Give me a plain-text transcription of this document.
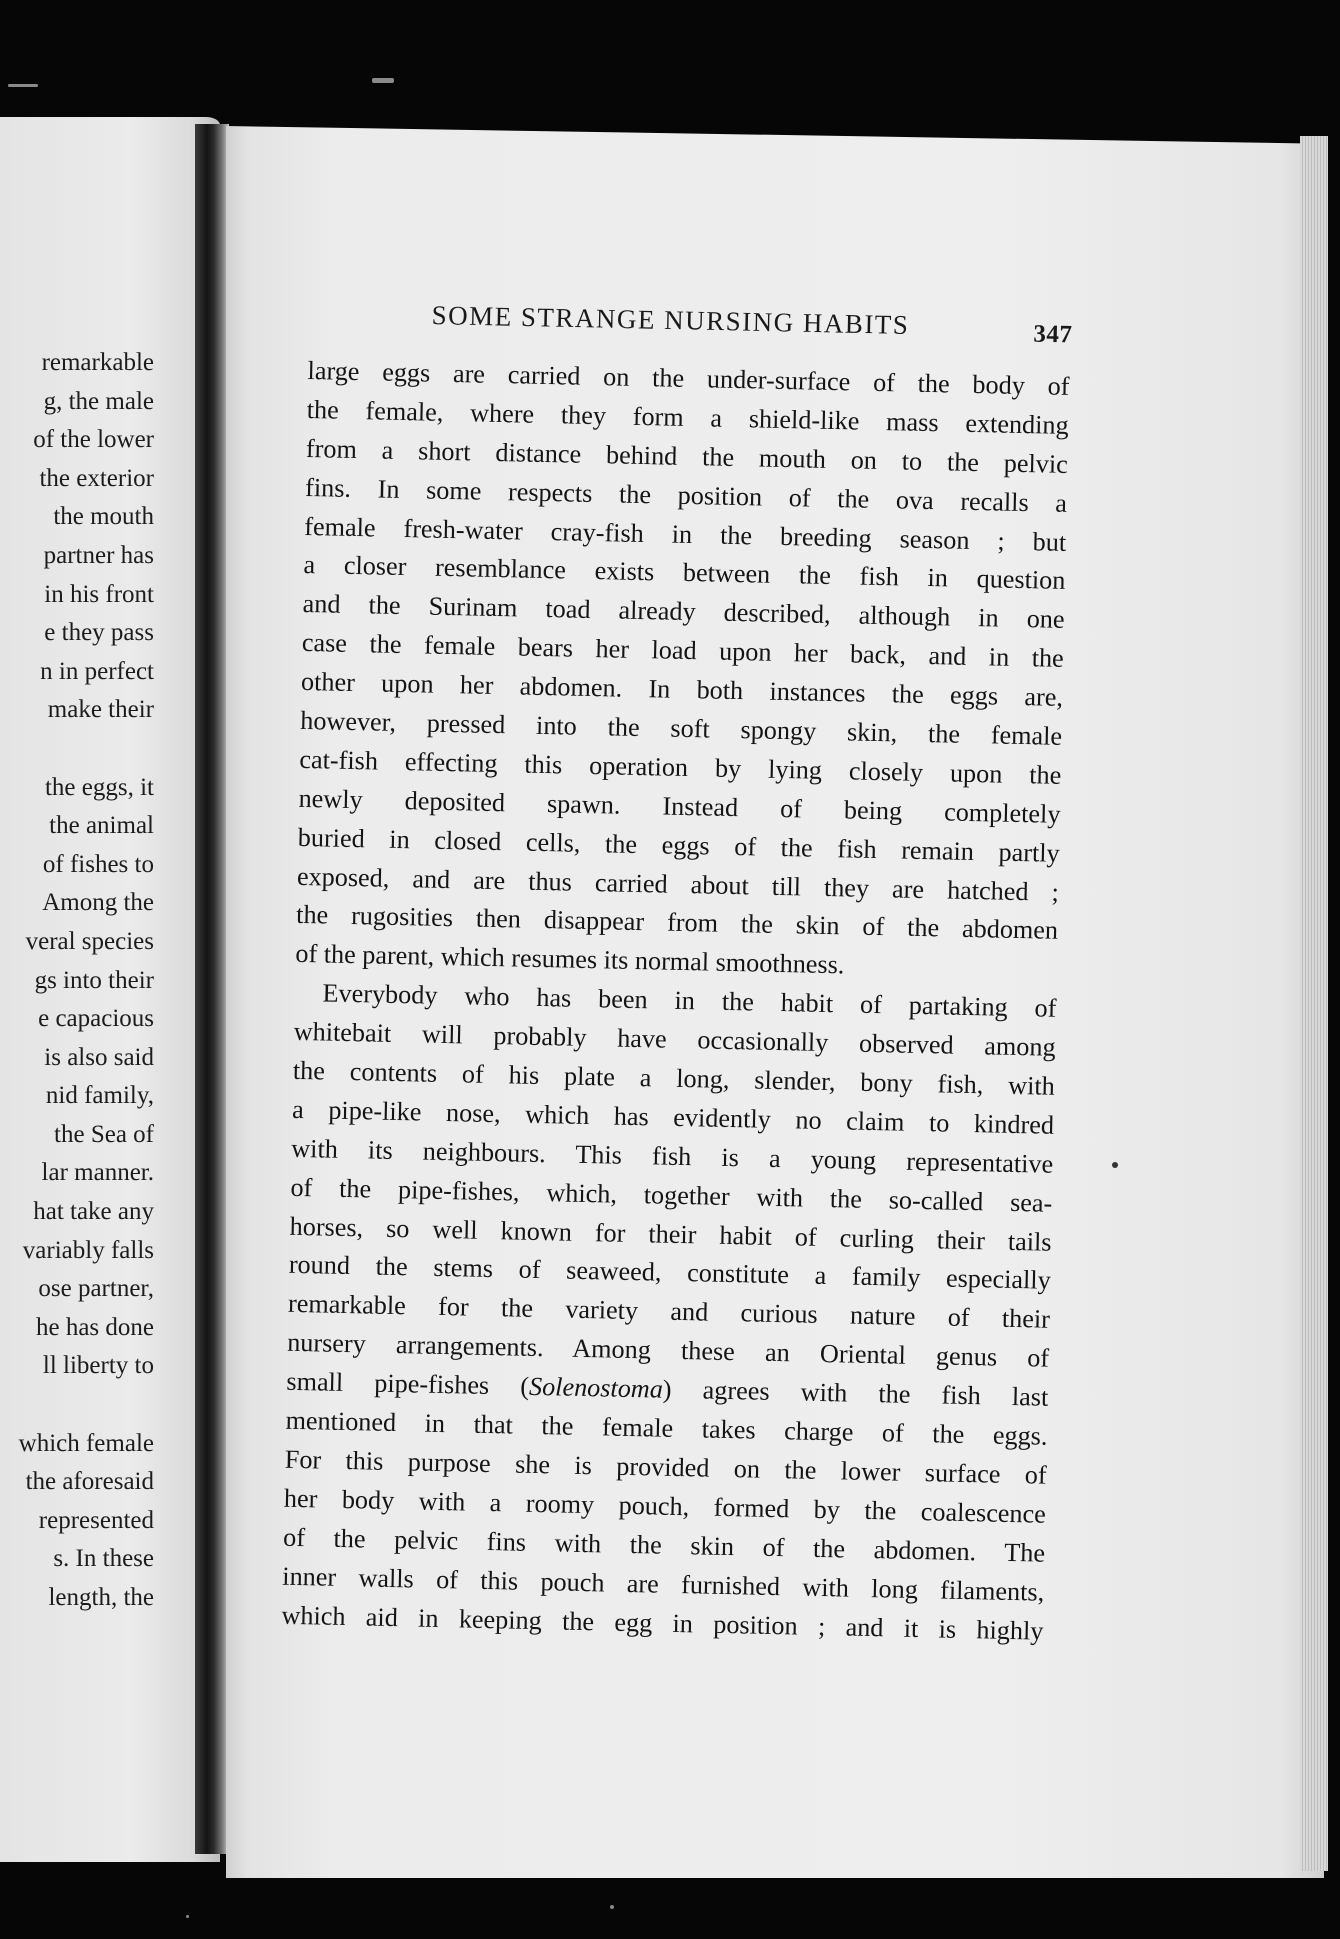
remarkable
g, the male
of the lower
the exterior
the mouth
partner has
in his front
e they pass
n in perfect
make their

the eggs, it
the animal
of fishes to
Among the
veral species
gs into their
e capacious
is also said
nid family,
the Sea of
lar manner.
hat take any
variably falls
ose partner,
he has done
ll liberty to

which female
the aforesaid
represented
s. In these
length, the
SOME STRANGE NURSING HABITS	347
large eggs are carried on the under-surface of the body of
the female, where they form a shield-like mass extending
from a short distance behind the mouth on to the pelvic
fins. In some respects the position of the ova recalls a
female fresh-water cray-fish in the breeding season ; but
a closer resemblance exists between the fish in question
and the Surinam toad already described, although in one
case the female bears her load upon her back, and in the
other upon her abdomen. In both instances the eggs are,
however, pressed into the soft spongy skin, the female
cat-fish effecting this operation by lying closely upon the
newly deposited spawn. Instead of being completely
buried in closed cells, the eggs of the fish remain partly
exposed, and are thus carried about till they are hatched ;
the rugosities then disappear from the skin of the abdomen
of the parent, which resumes its normal smoothness.
Everybody who has been in the habit of partaking of
whitebait will probably have occasionally observed among
the contents of his plate a long, slender, bony fish, with
a pipe-like nose, which has evidently no claim to kindred
with its neighbours. This fish is a young representative
of the pipe-fishes, which, together with the so-called sea-
horses, so well known for their habit of curling their tails
round the stems of seaweed, constitute a family especially
remarkable for the variety and curious nature of their
nursery arrangements. Among these an Oriental genus of
small pipe-fishes (Solenostoma) agrees with the fish last
mentioned in that the female takes charge of the eggs.
For this purpose she is provided on the lower surface of
her body with a roomy pouch, formed by the coalescence
of the pelvic fins with the skin of the abdomen. The
inner walls of this pouch are furnished with long filaments,
which aid in keeping the egg in position ; and it is highly
